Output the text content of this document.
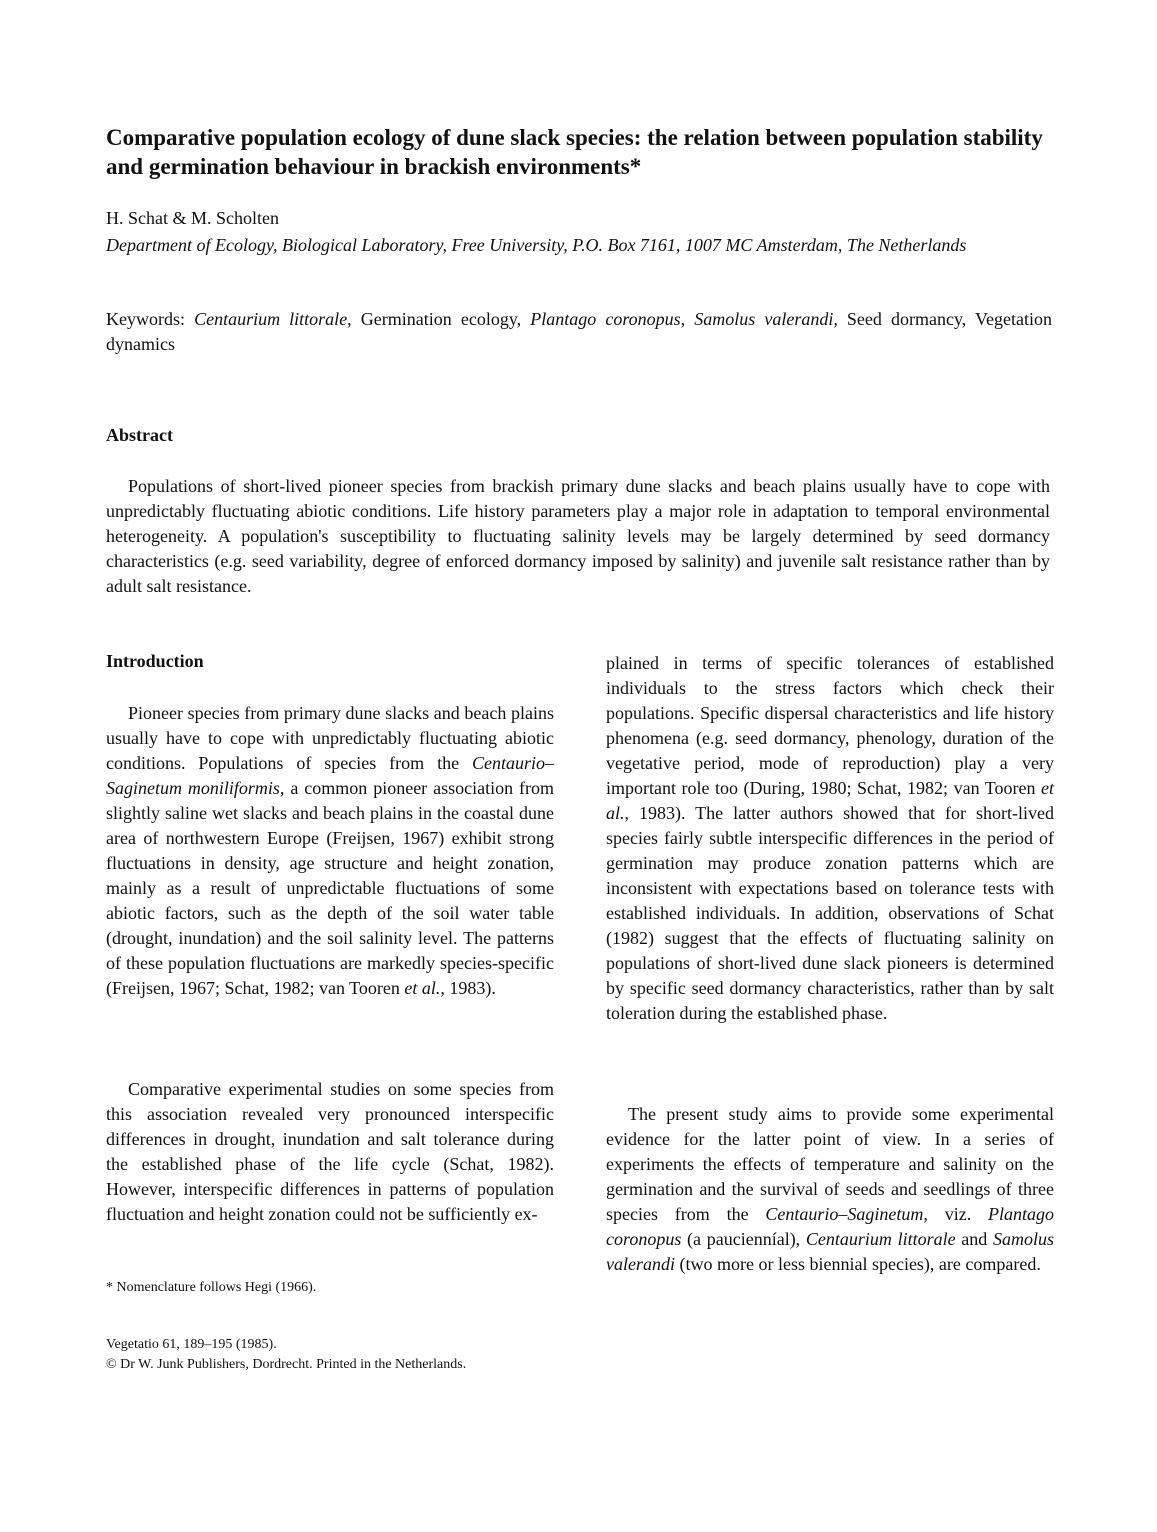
Comparative population ecology of dune slack species: the relation between population stability and germination behaviour in brackish environments*
H. Schat & M. Scholten
Department of Ecology, Biological Laboratory, Free University, P.O. Box 7161, 1007 MC Amsterdam, The Netherlands
Keywords: Centaurium littorale, Germination ecology, Plantago coronopus, Samolus valerandi, Seed dormancy, Vegetation dynamics
Abstract

Populations of short-lived pioneer species from brackish primary dune slacks and beach plains usually have to cope with unpredictably fluctuating abiotic conditions. Life history parameters play a major role in adaptation to temporal environmental heterogeneity. A population's susceptibility to fluctuating salinity levels may be largely determined by seed dormancy characteristics (e.g. seed variability, degree of enforced dormancy imposed by salinity) and juvenile salt resistance rather than by adult salt resistance.

Introduction

Pioneer species from primary dune slacks and beach plains usually have to cope with unpredictably fluctuating abiotic conditions. Populations of species from the Centaurio–Saginetum moniliformis, a common pioneer association from slightly saline wet slacks and beach plains in the coastal dune area of northwestern Europe (Freijsen, 1967) exhibit strong fluctuations in density, age structure and height zonation, mainly as a result of unpredictable fluctuations of some abiotic factors, such as the depth of the soil water table (drought, inundation) and the soil salinity level. The patterns of these population fluctuations are markedly species-specific (Freijsen, 1967; Schat, 1982; van Tooren et al., 1983).

Comparative experimental studies on some species from this association revealed very pronounced interspecific differences in drought, inundation and salt tolerance during the established phase of the life cycle (Schat, 1982). However, interspecific differences in patterns of population fluctuation and height zonation could not be sufficiently ex-

plained in terms of specific tolerances of established individuals to the stress factors which check their populations. Specific dispersal characteristics and life history phenomena (e.g. seed dormancy, phenology, duration of the vegetative period, mode of reproduction) play a very important role too (During, 1980; Schat, 1982; van Tooren et al., 1983). The latter authors showed that for short-lived species fairly subtle interspecific differences in the period of germination may produce zonation patterns which are inconsistent with expectations based on tolerance tests with established individuals. In addition, observations of Schat (1982) suggest that the effects of fluctuating salinity on populations of short-lived dune slack pioneers is determined by specific seed dormancy characteristics, rather than by salt toleration during the established phase.

The present study aims to provide some experimental evidence for the latter point of view. In a series of experiments the effects of temperature and salinity on the germination and the survival of seeds and seedlings of three species from the Centaurio–Saginetum, viz. Plantago coronopus (a paucienníal), Centaurium littorale and Samolus valerandi (two more or less biennial species), are compared.

* Nomenclature follows Hegi (1966).
Vegetatio 61, 189–195 (1985).
© Dr W. Junk Publishers, Dordrecht. Printed in the Netherlands.
